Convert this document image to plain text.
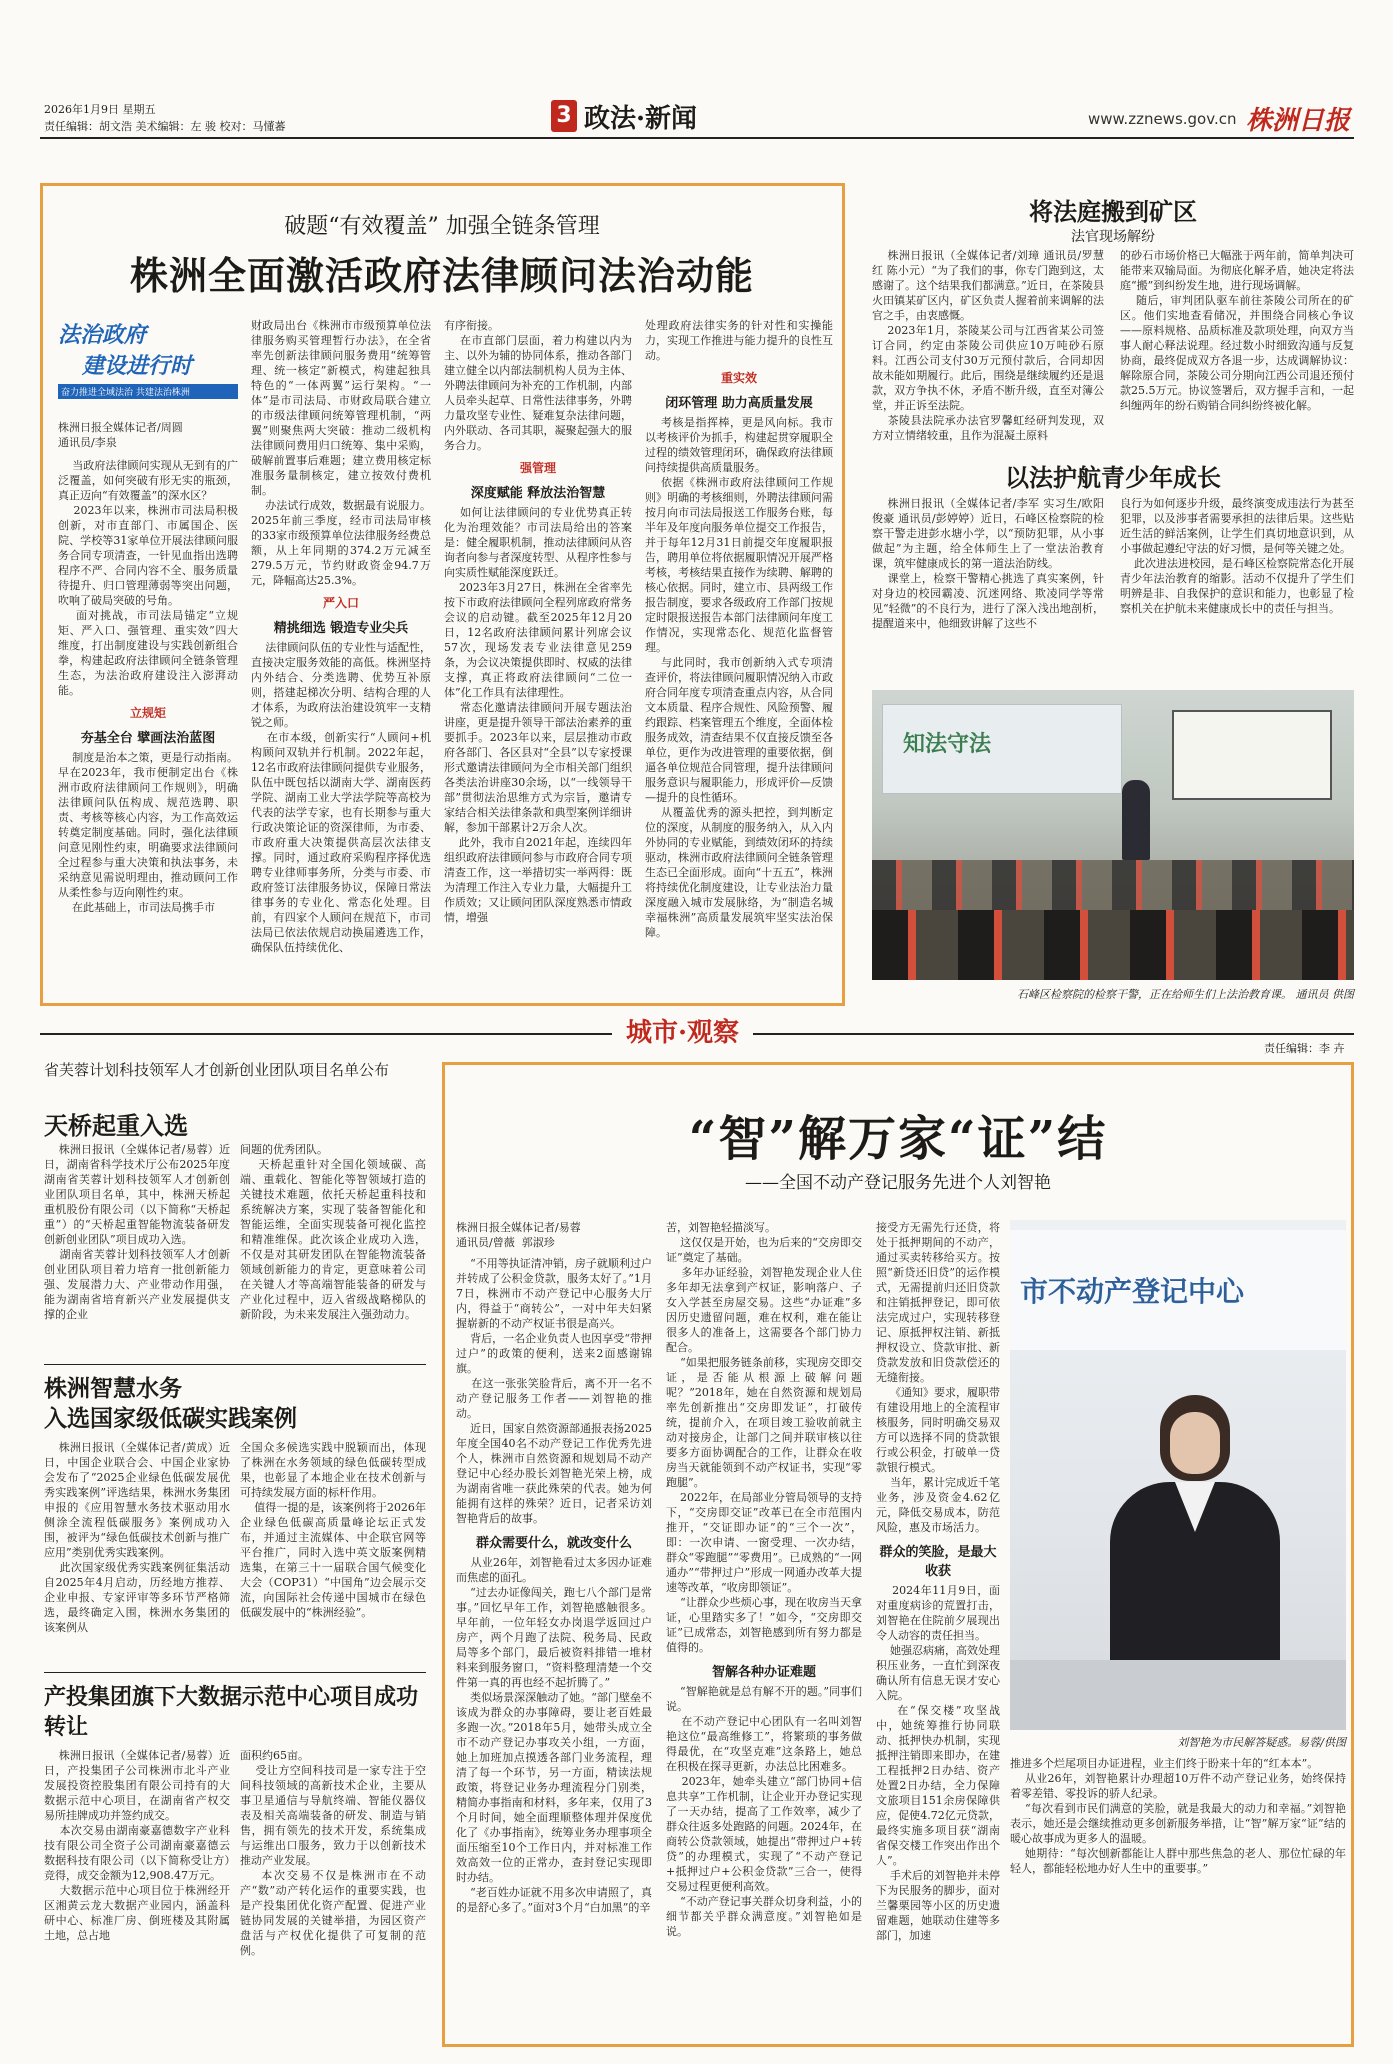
2026年1月9日 星期五
责任编辑：胡文浩 美术编辑：左 骏 校对：马懂蕃	3 政法·新闻	www.zznews.gov.cn 株洲日报
破题“有效覆盖” 加强全链条管理
株洲全面激活政府法律顾问法治动能
法治政府
建设进行时
奋力推进全域法治 共建法治株洲
株洲日报全媒体记者/周圆
通讯员/李泉
当政府法律顾问实现从无到有的广泛覆盖，如何突破有形无实的瓶颈，真正迈向“有效覆盖”的深水区？
2023年以来，株洲市司法局积极创新，对市直部门、市属国企、医院、学校等31家单位开展法律顾问服务合同专项清查，一针见血指出选聘程序不严、合同内容不全、服务质量待提升、归口管理薄弱等突出问题，吹响了破局突破的号角。
面对挑战，市司法局锚定“立规矩、严入口、强管理、重实效”四大维度，打出制度建设与实践创新组合拳，构建起政府法律顾问全链条管理生态，为法治政府建设注入澎湃动能。
立规矩
夯基全台 擘画法治蓝图
制度是治本之策，更是行动指南。早在2023年，我市便制定出台《株洲市政府法律顾问工作规则》，明确法律顾问队伍构成、规范选聘、职责、考核等核心内容，为工作高效运转奠定制度基础。同时，强化法律顾问意见刚性约束，明确要求法律顾问全过程参与重大决策和执法事务，未采纳意见需说明理由，推动顾问工作从柔性参与迈向刚性约束。
在此基础上，市司法局携手市
财政局出台《株洲市市级预算单位法律服务购买管理暂行办法》，在全省率先创新法律顾问服务费用“统筹管理、统一核定”新模式，构建起独具特色的“一体两翼”运行架构。“一体”是市司法局、市财政局联合建立的市级法律顾问统筹管理机制，“两翼”则聚焦两大突破：推动二级机构法律顾问费用归口统筹、集中采购，破解前置事后难题；建立费用核定标准服务量制核定，建立按效付费机制。
办法试行成效，数据最有说服力。2025年前三季度，经市司法局审核的33家市级预算单位法律服务经费总额，从上年同期的374.2万元减至279.5万元，节约财政资金94.7万元，降幅高达25.3%。
严入口
精挑细选 锻造专业尖兵
法律顾问队伍的专业性与适配性，直接决定服务效能的高低。株洲坚持内外结合、分类选聘、优势互补原则，搭建起梯次分明、结构合理的人才体系，为政府法治建设筑牢一支精锐之师。
在市本级，创新实行“人顾问+机构顾问双轨并行机制。2022年起，12名市政府法律顾问提供专业服务，队伍中既包括以湖南大学、湖南医药学院、湖南工业大学法学院等高校为代表的法学专家，也有长期参与重大行政决策论证的资深律师，为市委、市政府重大决策提供高层次法律支撑。同时，通过政府采购程序择优选聘专业律师事务所，分类与市委、市政府签订法律服务协议，保障日常法律事务的专业化、常态化处理。目前，有四家个人顾问在规范下，市司法局已依法依规启动换届遴选工作，确保队伍持续优化、
有序衔接。
在市直部门层面，着力构建以内为主、以外为辅的协同体系，推动各部门建立健全以内部法制机构人员为主体、外聘法律顾问为补充的工作机制，内部人员牵头起草、日常性法律事务，外聘力量攻坚专业性、疑难复杂法律问题，内外联动、各司其职，凝聚起强大的服务合力。
强管理
深度赋能 释放法治智慧
如何让法律顾问的专业优势真正转化为治理效能？市司法局给出的答案是：健全履职机制，推动法律顾问从咨询者向参与者深度转型、从程序性参与向实质性赋能深度跃迁。
2023年3月27日，株洲在全省率先按下市政府法律顾问全程列席政府常务会议的启动键。截至2025年12月20日，12名政府法律顾问累计列席会议57次，现场发表专业法律意见259条，为会议决策提供即时、权威的法律支撑，真正将政府法律顾问“二位一体”化工作具有法律理性。
常态化邀请法律顾问开展专题法治讲座，更是提升领导干部法治素养的重要抓手。2023年以来，层层推动市政府各部门、各区县对“全县”以专家授课形式邀请法律顾问为全市相关部门组织各类法治讲座30余场，以“一线领导干部”贯彻法治思维方式为宗旨，邀请专家结合相关法律条款和典型案例详细讲解，参加干部累计2万余人次。
此外，我市自2021年起，连续四年组织政府法律顾问参与市政府合同专项清查工作，这一举措切实一举两得：既为清理工作注入专业力量，大幅提升工作质效；又让顾问团队深度熟悉市情政情，增强
处理政府法律实务的针对性和实操能力，实现工作推进与能力提升的良性互动。
重实效
闭环管理 助力高质量发展
考核是指挥棒，更是风向标。我市以考核评价为抓手，构建起贯穿履职全过程的绩效管理闭环，确保政府法律顾问持续提供高质量服务。
依据《株洲市政府法律顾问工作规则》明确的考核细则，外聘法律顾问需按月向市司法局报送工作服务台账，每半年及年度向服务单位提交工作报告，并于每年12月31日前提交年度履职报告，聘用单位将依据履职情况开展严格考核，考核结果直接作为续聘、解聘的核心依据。同时，建立市、县两级工作报告制度，要求各级政府工作部门按规定时限报送报告本部门法律顾问年度工作情况，实现常态化、规范化监督管理。
与此同时，我市创新纳入式专项清查评价，将法律顾问履职情况纳入市政府合同年度专项清查重点内容，从合同文本质量、程序合规性、风险预警、履约跟踪、档案管理五个维度，全面体检服务成效，清查结果不仅直接反馈至各单位，更作为改进管理的重要依据，倒逼各单位规范合同管理，提升法律顾问服务意识与履职能力，形成评价—反馈—提升的良性循环。
从覆盖优秀的源头把控，到判断定位的深度，从制度的服务纳入，从入内外协同的专业赋能，到绩效闭环的持续驱动，株洲市政府法律顾问全链条管理生态已全面形成。面向“十五五”，株洲将持续优化制度建设，让专业法治力量深度融入城市发展脉络，为“制造名城 幸福株洲”高质量发展筑牢坚实法治保障。
将法庭搬到矿区
法官现场解纷
株洲日报讯（全媒体记者/刘璋 通讯员/罗慧红 陈小元）“为了我们的事，你专门跑到这，太感谢了。这个结果我们都满意。”近日，在茶陵县火田镇某矿区内，矿区负责人握着前来调解的法官之手，由衷感慨。
2023年1月，茶陵某公司与江西省某公司签订合同，约定由茶陵公司供应10万吨砂石原料。江西公司支付30万元预付款后，合同却因故未能如期履行。此后，围绕是继续履约还是退款，双方争执不休，矛盾不断升级，直至对簿公堂，并正诉至法院。
茶陵县法院承办法官罗馨虹经研判发现，双方对立情绪较重，且作为混凝土原料
的砂石市场价格已大幅涨于两年前，简单判决可能带来双输局面。为彻底化解矛盾，她决定将法庭“搬”到纠纷发生地，进行现场调解。
随后，审判团队驱车前往茶陵公司所在的矿区。他们实地查看储况，并围绕合同核心争议——原料规格、品质标准及款项处理，向双方当事人耐心释法说理。经过数小时细致沟通与反复协商，最终促成双方各退一步，达成调解协议：解除原合同，茶陵公司分期向江西公司退还预付款25.5万元。协议签署后，双方握手言和，一起纠缠两年的纷石购销合同纠纷终被化解。
以法护航青少年成长
株洲日报讯（全媒体记者/李军 实习生/欧阳俊豪 通讯员/彭婷婷）近日，石峰区检察院的检察干警走进彭水塘小学，以“预防犯罪，从小事做起”为主题，给全体师生上了一堂法治教育课，筑牢健康成长的第一道法治防线。
课堂上，检察干警精心挑选了真实案例，针对身边的校园霸凌、沉迷网络、欺凌同学等常见“轻微”的不良行为，进行了深入浅出地剖析，提醒道来中，他细致讲解了这些不
良行为如何逐步升级，最终演变成违法行为甚至犯罪，以及涉事者需要承担的法律后果。这些贴近生活的鲜活案例，让学生们真切地意识到，从小事做起遵纪守法的好习惯，是何等关键之处。
此次进法进校园，是石峰区检察院常态化开展青少年法治教育的缩影。活动不仅提升了学生们明辨是非、自我保护的意识和能力，也彰显了检察机关在护航未来健康成长中的责任与担当。
知法守法
石峰区检察院的检察干警，正在给师生们上法治教育课。 通讯员 供图
城市·观察
责任编辑：李 卉
省芙蓉计划科技领军人才创新创业团队项目名单公布
天桥起重入选
株洲日报讯（全媒体记者/易蓉）近日，湖南省科学技术厅公布2025年度湖南省芙蓉计划科技领军人才创新创业团队项目名单，其中，株洲天桥起重机股份有限公司（以下简称“天桥起重”）的“天桥起重智能物流装备研发创新创业团队”项目成功入选。
湖南省芙蓉计划科技领军人才创新创业团队项目着力培育一批创新能力强、发展潜力大、产业带动作用强，能为湖南省培育新兴产业发展提供支撑的企业
间题的优秀团队。
天桥起重针对全国化领域碳、高端、重载化、智能化等智领域打造的关键技术难题，依托天桥起重科技和系统解决方案，实现了装备智能化和智能运维，全面实现装备可视化监控和精准维保。此次该企业成功入选，不仅是对其研发团队在智能物流装备领域创新能力的肯定，更意味着公司在关键人才等高端智能装备的研发与产业化过程中，迈入省级战略梯队的新阶段，为未来发展注入强劲动力。
株洲智慧水务
入选国家级低碳实践案例
株洲日报讯（全媒体记者/黄成）近日，中国企业联合会、中国企业家协会发布了“2025企业绿色低碳发展优秀实践案例”评选结果，株洲水务集团申报的《应用智慧水务技术驱动用水侧涂全流程低碳服务》案例成功入围，被评为“绿色低碳技术创新与推广应用”类别优秀实践案例。
此次国家级优秀实践案例征集活动自2025年4月启动，历经地方推荐、企业申报、专家评审等多环节严格筛选，最终确定入围，株洲水务集团的该案例从
全国众多候选实践中脱颖而出，体现了株洲在水务领域的绿色低碳转型成果，也彰显了本地企业在技术创新与可持续发展方面的标杆作用。
值得一提的是，该案例将于2026年企业绿色低碳高质量峰论坛正式发布，并通过主流媒体、中企联官网等平台推广，同时入选中英文版案例精选集，在第三十一届联合国气候变化大会（COP31）“中国角”边会展示交流，向国际社会传递中国城市在绿色低碳发展中的“株洲经验”。
产投集团旗下大数据示范中心项目成功转让
株洲日报讯（全媒体记者/易蓉）近日，产投集团子公司株洲市北斗产业发展投资控股集团有限公司持有的大数据示范中心项目，在湖南省产权交易所挂牌成功并签约成交。
本次交易由湖南豪嘉德数字产业科技有限公司全资子公司湖南豪嘉德云数据科技有限公司（以下简称受让方）竞得，成交金额为12,908.47万元。
大数据示范中心项目位于株洲经开区湘黄云龙大数据产业园内，涵盖科研中心、标准厂房、倒班楼及其附属土地，总占地
面积约65亩。
受让方空间科技司是一家专注于空间科技领域的高新技术企业，主要从事卫星通信与导航终端、智能仪器仪表及相关高端装备的研发、制造与销售，拥有领先的技术开发，系统集成与运维出口服务，致力于以创新技术推动产业发展。
本次交易不仅是株洲市在不动产“数”动产转化运作的重要实践，也是产投集团优化资产配置、促进产业链协同发展的关键举措，为园区资产盘活与产权优化提供了可复制的范例。
“智”解万家“证”结
——全国不动产登记服务先进个人刘智艳
株洲日报全媒体记者/易蓉
通讯员/曾薇  郭淑珍
“不用等执证清冲销，房子就顺利过户并转成了公积金贷款，服务太好了。”1月7日，株洲市不动产登记中心服务大厅内，得益于“商转公”，一对中年夫妇紧握崭新的不动产权证书很是高兴。
背后，一名企业负责人也因享受“带押过户”的政策的便利，送来2面感谢锦旗。
在这一张张笑脸背后，离不开一名不动产登记服务工作者——刘智艳的推动。
近日，国家自然资源部通报表扬2025年度全国40名不动产登记工作优秀先进个人，株洲市自然资源和规划局不动产登记中心经办股长刘智艳光荣上榜，成为湖南省唯一获此殊荣的代表。她为何能拥有这样的殊荣？近日，记者采访刘智艳背后的故事。
群众需要什么，就改变什么
从业26年，刘智艳看过太多因办证难而焦虑的面孔。
“过去办证像闯关，跑七八个部门是常事。”回忆早年工作，刘智艳感触很多。早年前，一位年轻女办岗退学返回过户房产，两个月跑了法院、税务局、民政局等多个部门，最后被资料排错一堆材料来到服务窗口，“资料整理清楚一个交件第一真的再也经不起折腾了。”
类似场景深深触动了她。“部门壁垒不该成为群众的办事障碍，要让老百姓最多跑一次。”2018年5月，她带头成立全市不动产登记办事攻关小组，一方面，她上加班加点摸透各部门业务流程，理清了每一个环节，另一方面，精读法规政策，将登记业务办理流程分门别类，精简办事指南和材料，多年来，仅用了3个月时间，她全面理顺整体理并保度优化了《办事指南》，统筹业务办理事项全面压缩至10个工作日内，并对标准工作效高效一位的正常办，查封登记实现即时办结。
“老百姓办证就不用多次申请照了，真的是舒心多了。”面对3个月“白加黑”的辛
苦，刘智艳轻描淡写。
这仅仅是开始，也为后来的“交房即交证”奠定了基础。
多年办证经验，刘智艳发现企业人住多年却无法拿到产权证，影响落户、子女入学甚至房屋交易。这些“办证难”多因历史遗留问题，难在权利，难在能让很多人的准备上，这需要各个部门协力配合。
“如果把服务链条前移，实现房交即交证，是否能从根源上破解问题呢？”2018年，她在自然资源和规划局率先创新推出“交房即发证”，打破传统，提前介入，在项目竣工验收前就主动对接房企，让部门之间并联审核以往要多方面协调配合的工作，让群众在收房当天就能领到不动产权证书，实现“零跑腿”。
2022年，在局部业分管局领导的支持下，“交房即交证”改革已在全市范围内推开，“交证即办证”的“三个一次”，即：一次申请、一窗受理、一次办结，群众“零跑腿”“零费用”。已成熟的“一网通办”“带押过户”形成一网通办改革大提速等改革，“收房即领证”。
“让群众少些烦心事，现在收房当天拿证，心里踏实多了！”如今，“交房即交证”已成常态，刘智艳感到所有努力都是值得的。
智解各种办证难题
“智解艳就是总有解不开的题。”同事们说。
在不动产登记中心团队有一名叫刘智艳这位“最高维修工”，将繁琐的事务做得最优，在“攻坚克难”这条路上，她总在积极在探寻更新，办法总比困难多。
2023年，她牵头建立“部门协同+信息共享”工作机制，让企业开办登记实现了一天办结，提高了工作效率，减少了群众往返多处跑路的问题。2024年，在商转公贷款领域，她提出“带押过户+转贷”的办理模式，实现了“不动产登记+抵押过户+公积金贷款”三合一，使得交易过程更便利高效。
“不动产登记事关群众切身利益，小的细节都关乎群众满意度。”刘智艳如是说。
接受方无需先行还贷，将处于抵押期间的不动产，通过买卖转移给买方。按照“新贷还旧贷”的运作模式，无需提前归还旧贷款和注销抵押登记，即可依法完成过户，实现转移登记、原抵押权注销、新抵押权设立、贷款审批、新贷款发放和旧贷款偿还的无缝衔接。
《通知》要求，履职带有建设用地上的全流程审核服务，同时明确交易双方可以选择不同的贷款银行或公积金，打破单一贷款银行模式。
当年，累计完成近千笔业务，涉及资金4.62亿元，降低交易成本，防范风险，惠及市场活力。
群众的笑脸，是最大收获
2024年11月9日，面对重度病诊的荒置打击，刘智艳在住院前夕展现出令人动容的责任担当。
她强忍病痛，高效处理积压业务，一直忙到深夜确认所有信息无误才安心入院。
在“保交楼”攻坚战中，她统筹推行协同联动、抵押快办机制，实现抵押注销即来即办，在建工程抵押2日办结、资产处置2日办结，全力保障文旅项目151余房保障供应，促使4.72亿元贷款，最终实施多项目获“湖南省保交楼工作突出作出个人”。
手术后的刘智艳并未停下为民服务的脚步，面对兰馨栗园等小区的历史遗留难题，她联动住建等多部门，加速
市不动产登记中心
刘智艳为市民解答疑惑。易蓉/供图
推进多个烂尾项目办证进程，业主们终于盼来十年的“红本本”。
从业26年，刘智艳累计办理超10万件不动产登记业务，始终保持着零差错、零投诉的骄人纪录。
“每次看到市民们满意的笑脸，就是我最大的动力和幸福。”刘智艳表示，她还是会继续推动更多创新服务举措，让“智”解万家“证”结的暖心故事成为更多人的温暖。
她期待：“每次刨新都能让人群中那些焦急的老人、那位忙碌的年轻人，都能轻松地办好人生中的重要事。”
